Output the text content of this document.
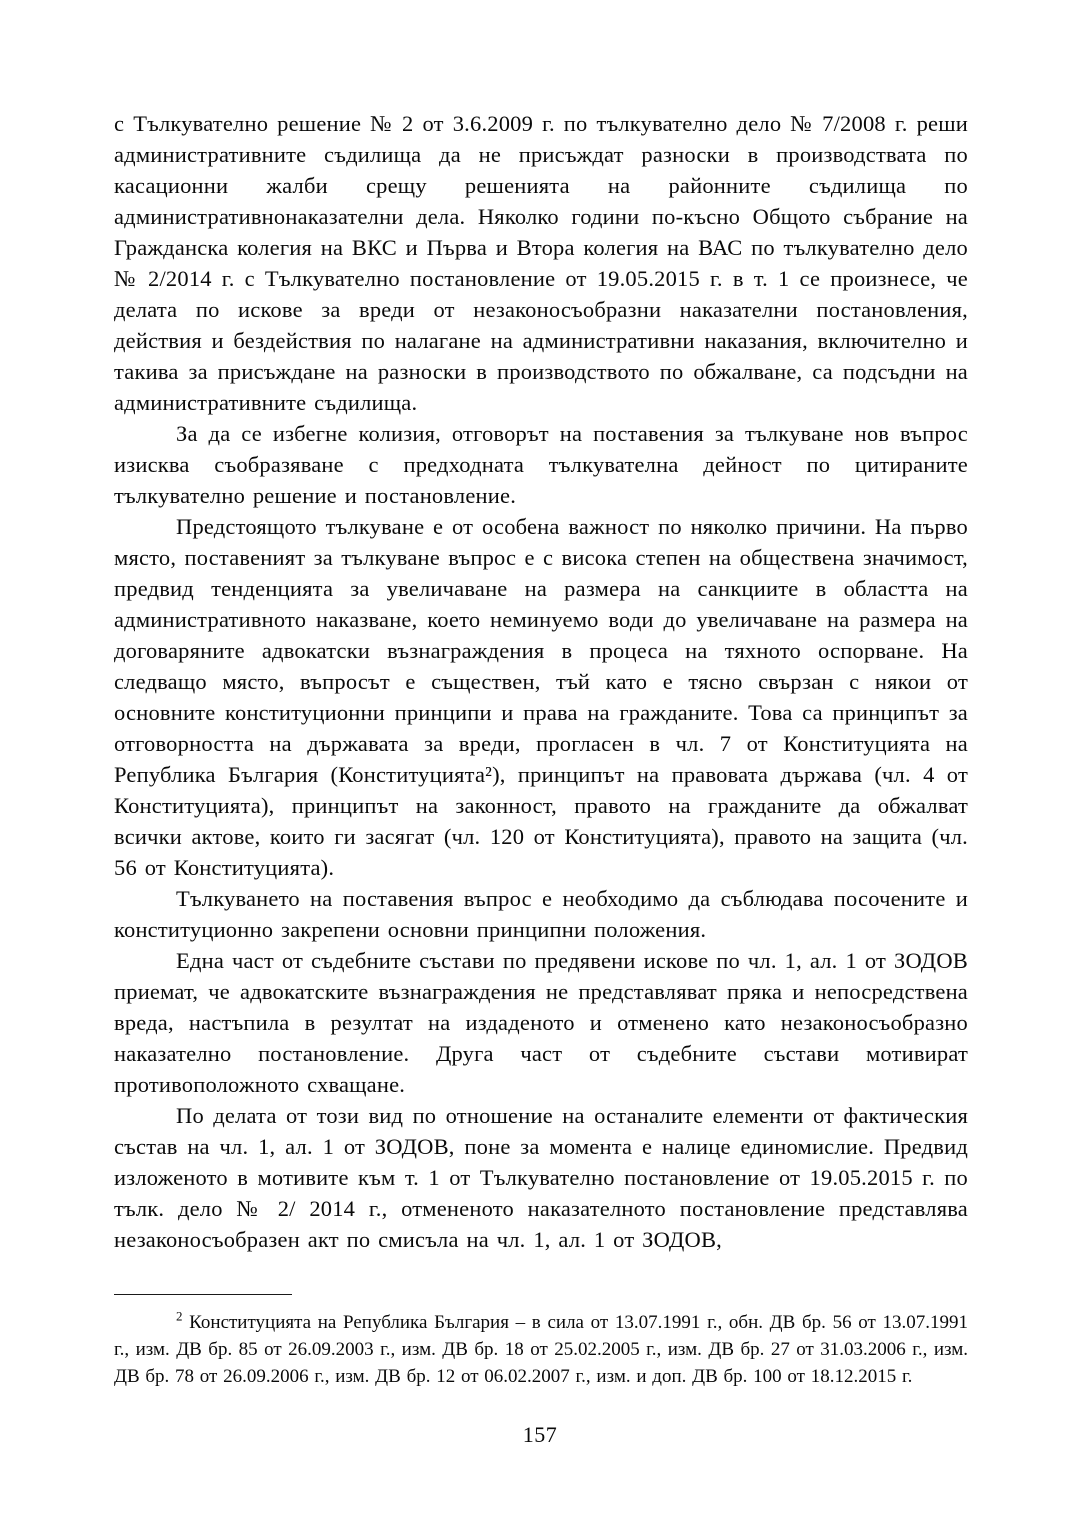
с Тълкувателно решение № 2 от 3.6.2009 г. по тълкувателно дело № 7/2008 г. реши административните съдилища да не присъждат разноски в производствата по касационни жалби срещу решенията на районните съдилища по административнонаказателни дела. Няколко години по-късно Общото събрание на Гражданска колегия на ВКС и Първа и Втора колегия на ВАС по тълкувателно дело № 2/2014 г. с Тълкувателно постановление от 19.05.2015 г. в т. 1 се произнесе, че делата по искове за вреди от незаконосъобразни наказателни постановления, действия и бездействия по налагане на административни наказания, включително и такива за присъждане на разноски в производството по обжалване, са подсъдни на административните съдилища.

За да се избегне колизия, отговорът на поставения за тълкуване нов въпрос изисква съобразяване с предходната тълкувателна дейност по цитираните тълкувателно решение и постановление.

Предстоящото тълкуване е от особена важност по няколко причини. На първо място, поставеният за тълкуване въпрос е с висока степен на обществена значимост, предвид тенденцията за увеличаване на размера на санкциите в областта на административното наказване, което неминуемо води до увеличаване на размера на договаряните адвокатски възнаграждения в процеса на тяхното оспорване. На следващо място, въпросът е съществен, тъй като е тясно свързан с някои от основните конституционни принципи и права на гражданите. Това са принципът за отговорността на държавата за вреди, прогласен в чл. 7 от Конституцията на Република България (Конституцията²), принципът на правовата държава (чл. 4 от Конституцията), принципът на законност, правото на гражданите да обжалват всички актове, които ги засягат (чл. 120 от Конституцията), правото на защита (чл. 56 от Конституцията).

Тълкуването на поставения въпрос е необходимо да съблюдава посочените и конституционно закрепени основни принципни положения.

Една част от съдебните състави по предявени искове по чл. 1, ал. 1 от ЗОДОВ приемат, че адвокатските възнаграждения не представляват пряка и непосредствена вреда, настъпила в резултат на издаденото и отменено като незаконосъобразно наказателно постановление. Друга част от съдебните състави мотивират противоположното схващане.

По делата от този вид по отношение на останалите елементи от фактическия състав на чл. 1, ал. 1 от ЗОДОВ, поне за момента е налице единомислие. Предвид изложеното в мотивите към т. 1 от Тълкувателно постановление от 19.05.2015 г. по тълк. дело № 2/ 2014 г., отмененото наказателното постановление представлява незаконосъобразен акт по смисъла на чл. 1, ал. 1 от ЗОДОВ,

$^2$ Конституцията на Република България – в сила от 13.07.1991 г., обн. ДВ бр. 56 от 13.07.1991 г., изм. ДВ бр. 85 от 26.09.2003 г., изм. ДВ бр. 18 от 25.02.2005 г., изм. ДВ бр. 27 от 31.03.2006 г., изм. ДВ бр. 78 от 26.09.2006 г., изм. ДВ бр. 12 от 06.02.2007 г., изм. и доп. ДВ бр. 100 от 18.12.2015 г.

157
